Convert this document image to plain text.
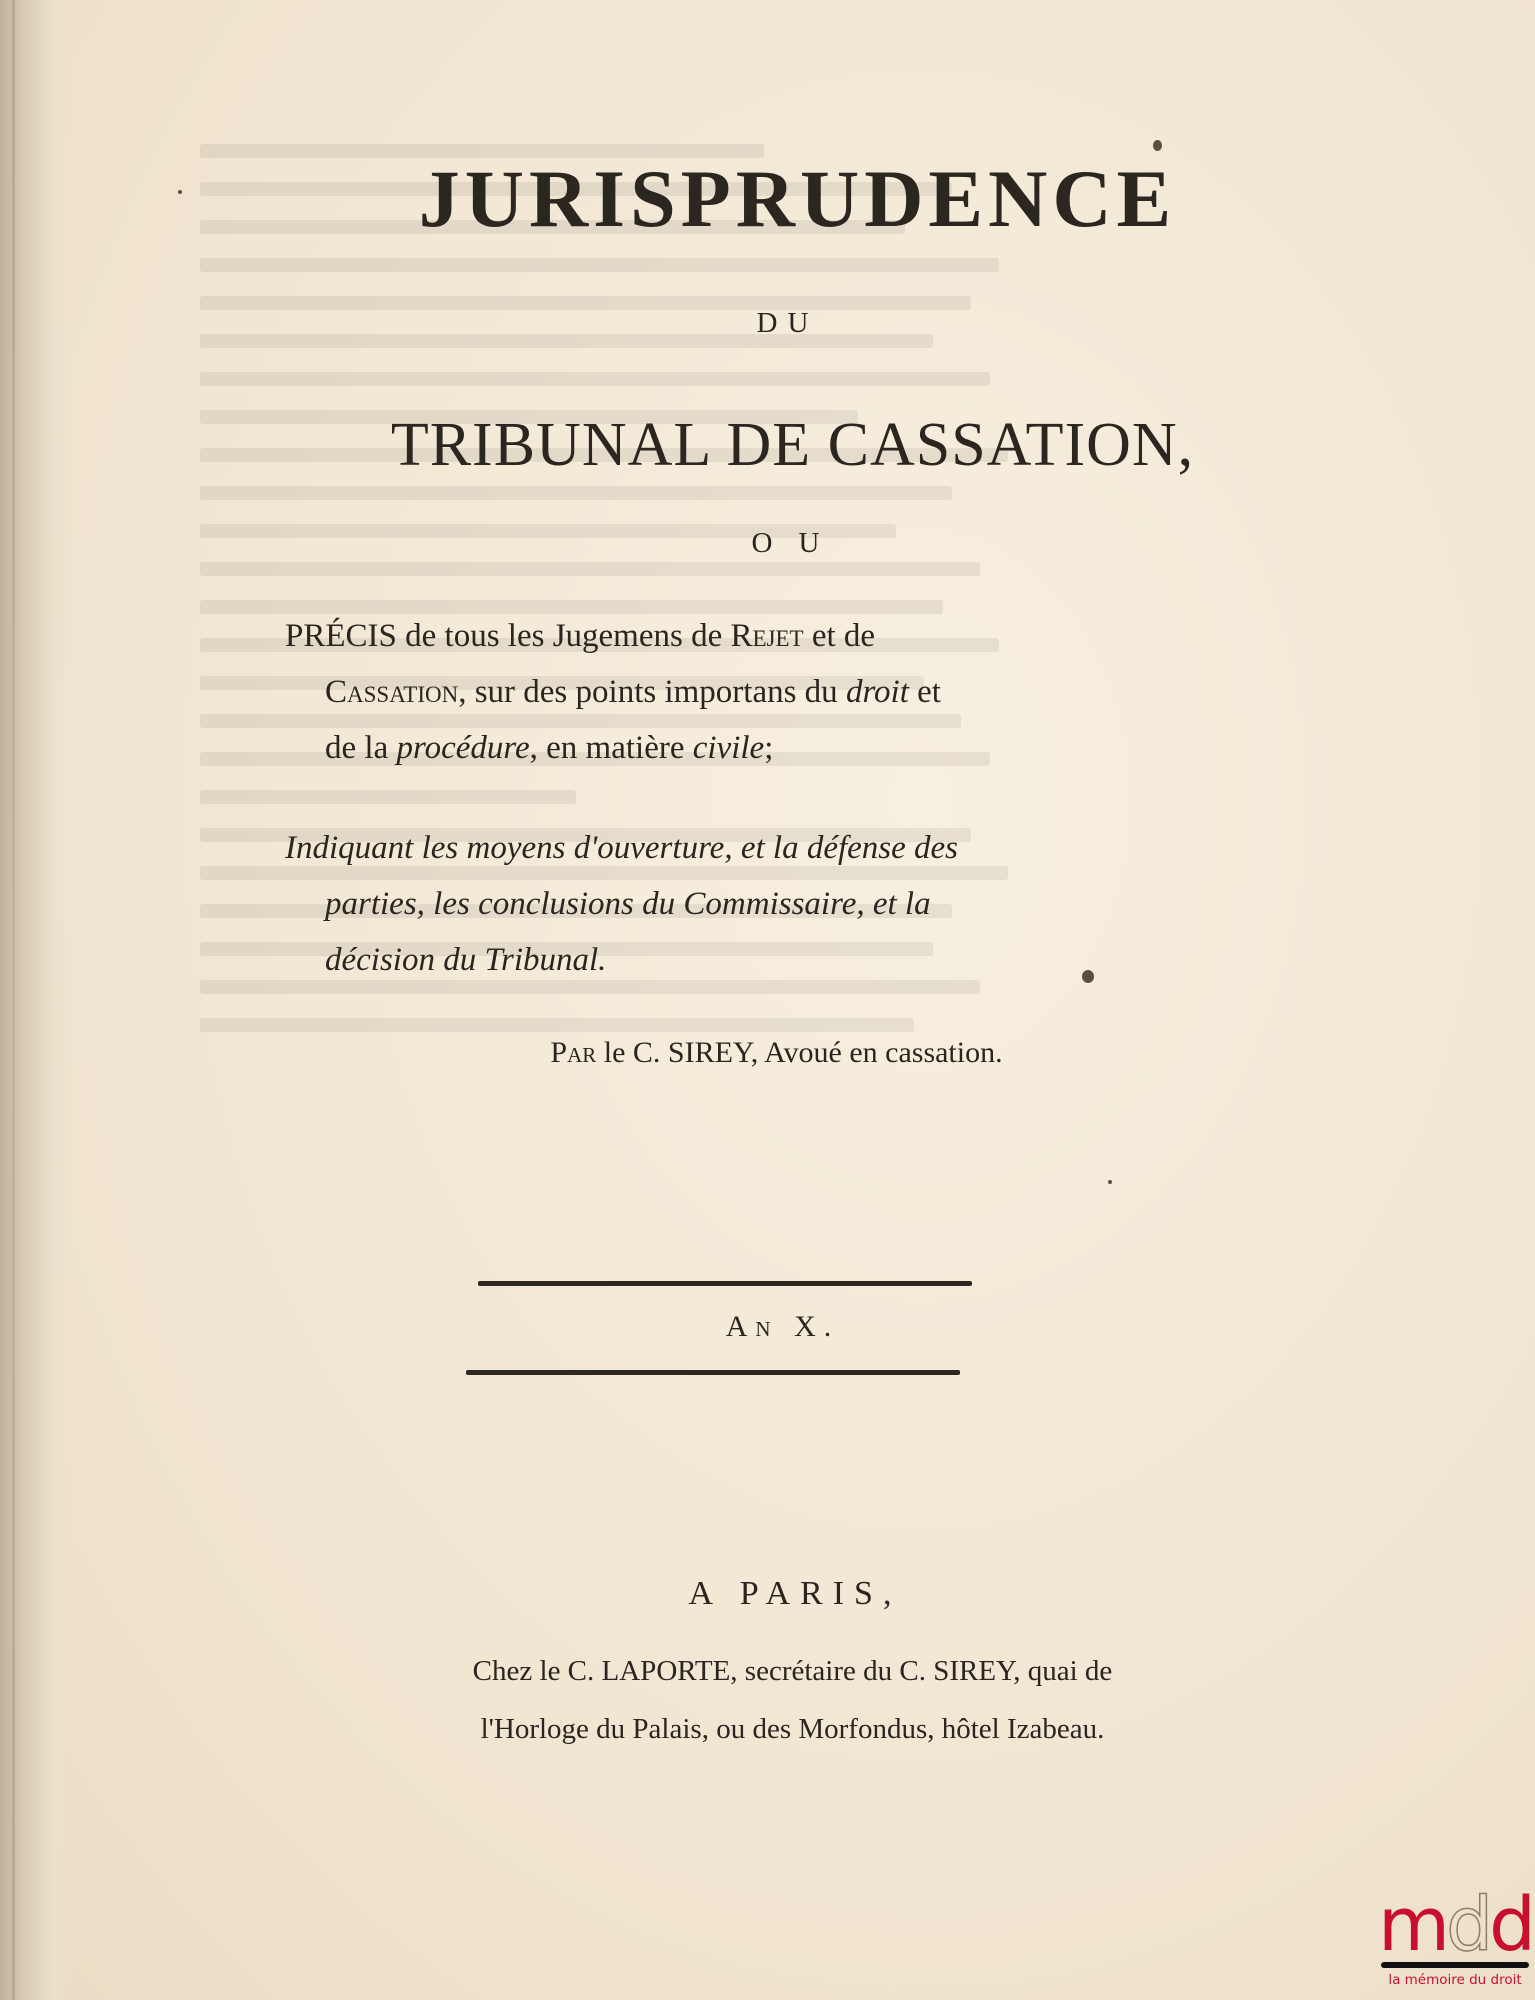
JURISPRUDENCE
DU
TRIBUNAL DE CASSATION,
OU
PRÉCIS de tous les Jugemens de Rejet et de
Cassation, sur des points importans du droit et
de la procédure, en matière civile;
Indiquant les moyens d'ouverture, et la défense des
parties, les conclusions du Commissaire, et la
décision du Tribunal.
Par le C. SIREY, Avoué en cassation.
An X.
A PARIS,
Chez le C. LAPORTE, secrétaire du C. SIREY, quai de
l'Horloge du Palais, ou des Morfondus, hôtel Izabeau.
mdd
la mémoire du droit
